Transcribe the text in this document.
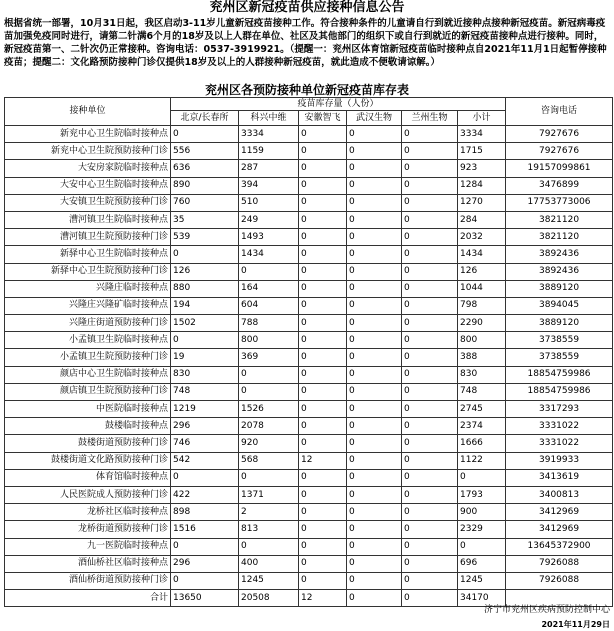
兖州区新冠疫苗供应接种信息公告
根据省统一部署，10月31日起，我区启动3-11岁儿童新冠疫苗接种工作。符合接种条件的儿童请自行到就近接种点接种新冠疫苗。新冠病毒疫苗加强免疫同时进行，请第二针满6个月的18岁及以上人群在单位、社区及其他部门的组织下或自行到就近的新冠疫苗接种点进行接种。同时，新冠疫苗第一、二针次仍正常接种。咨询电话：0537-3919921。（提醒一：兖州区体育馆新冠疫苗临时接种点自2021年11月1日起暂停接种疫苗；提醒二：文化路预防接种门诊仅提供18岁及以上的人群接种新冠疫苗，就此造成不便敬请谅解。）
兖州区各预防接种单位新冠疫苗库存表
接种单位	疫苗库存量（人份）						咨询电话
	北京/长春所	科兴中维	安徽智飞	武汉生物	兰州生物	小计	
新兖中心卫生院临时接种点	0	3334	0	0	0	3334	7927676
新兖中心卫生院预防接种门诊	556	1159	0	0	0	1715	7927676
大安房家院临时接种点	636	287	0	0	0	923	19157099861
大安中心卫生院临时接种点	890	394	0	0	0	1284	3476899
大安镇卫生院预防接种门诊	760	510	0	0	0	1270	17753773006
漕河镇卫生院临时接种点	35	249	0	0	0	284	3821120
漕河镇卫生院预防接种门诊	539	1493	0	0	0	2032	3821120
新驿中心卫生院临时接种点	0	1434	0	0	0	1434	3892436
新驿中心卫生院预防接种门诊	126	0	0	0	0	126	3892436
兴隆庄临时接种点	880	164	0	0	0	1044	3889120
兴隆庄兴隆矿临时接种点	194	604	0	0	0	798	3894045
兴隆庄街道预防接种门诊	1502	788	0	0	0	2290	3889120
小孟镇卫生院临时接种点	0	800	0	0	0	800	3738559
小孟镇卫生院预防接种门诊	19	369	0	0	0	388	3738559
颜店中心卫生院临时接种点	830	0	0	0	0	830	18854759986
颜店镇卫生院预防接种门诊	748	0	0	0	0	748	18854759986
中医院临时接种点	1219	1526	0	0	0	2745	3317293
鼓楼临时接种点	296	2078	0	0	0	2374	3331022
鼓楼街道预防接种门诊	746	920	0	0	0	1666	3331022
鼓楼街道文化路预防接种门诊	542	568	12	0	0	1122	3919933
体育馆临时接种点	0	0	0	0	0	0	3413619
人民医院成人预防接种门诊	422	1371	0	0	0	1793	3400813
龙桥社区临时接种点	898	2	0	0	0	900	3412969
龙桥街道预防接种门诊	1516	813	0	0	0	2329	3412969
九一医院临时接种点	0	0	0	0	0	0	13645372900
酒仙桥社区临时接种点	296	400	0	0	0	696	7926088
酒仙桥街道预防接种门诊	0	1245	0	0	0	1245	7926088
合计	13650	20508	12	0	0	34170	
济宁市兖州区疾病预防控制中心
2021年11月29日
